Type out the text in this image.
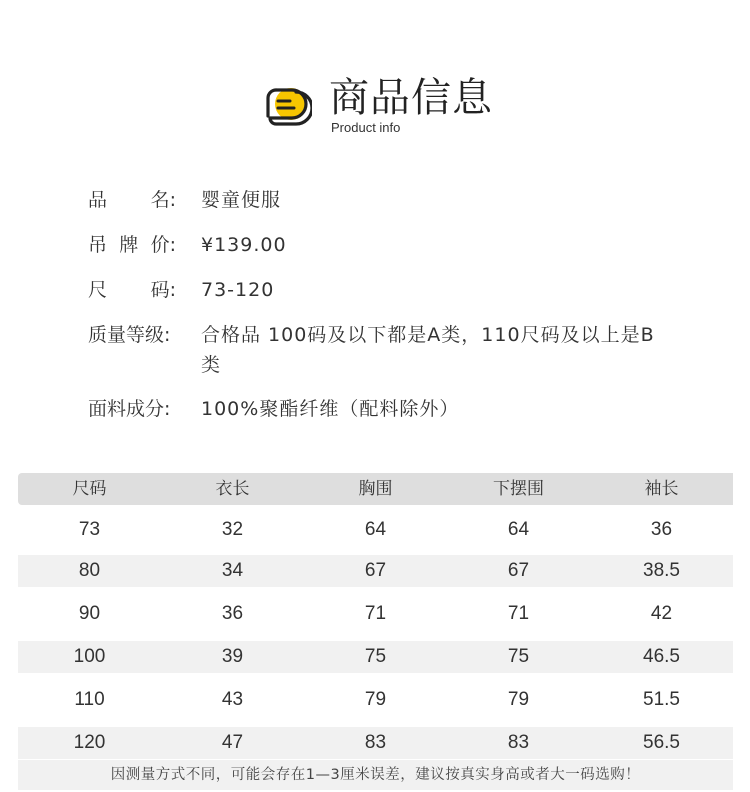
商品信息
Product info
品 名: 婴童便服
吊 牌 价: ¥139.00
尺 码: 73-120
质量等级:	合格品 100码及以下都是A类，110尺码及以上是B类
面料成分:	100%聚酯纤维（配料除外）
尺码	衣长	胸围	下摆围	袖长
73	32	64	64	36
80	34	67	67	38.5
90	36	71	71	42
100	39	75	75	46.5
110	43	79	79	51.5
120	47	83	83	56.5
因测量方式不同，可能会存在1—3厘米误差，建议按真实身高或者大一码选购！
